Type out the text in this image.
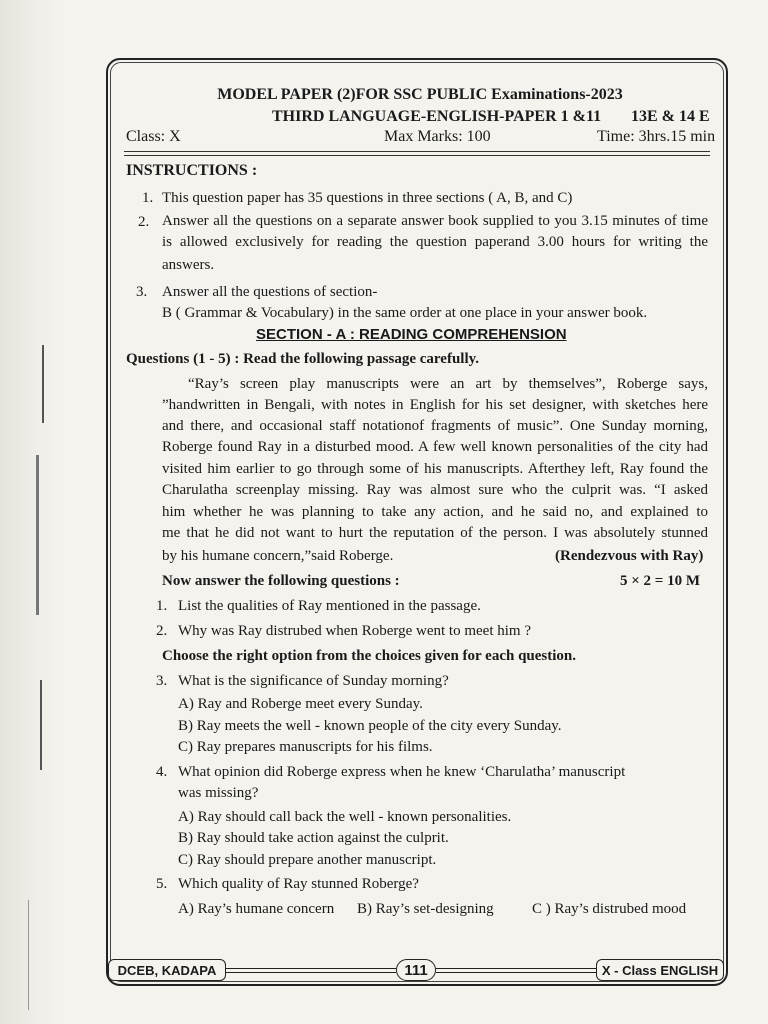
MODEL PAPER (2)FOR SSC PUBLIC Examinations-2023
THIRD LANGUAGE-ENGLISH-PAPER 1 &11 13E & 14 E
Class: X	Max Marks: 100	Time: 3hrs.15 min
INSTRUCTIONS :
1. This question paper has 35 questions in three sections ( A, B, and C)
2. Answer all the questions on a separate answer book supplied to you 3.15 minutes of time
is allowed exclusively for reading the question paperand 3.00 hours for writing the
answers.
3. Answer all the questions of section-
B ( Grammar & Vocabulary) in the same order at one place in your answer book.
SECTION - A : READING COMPREHENSION
Questions (1 - 5) : Read the following passage carefully.
“Ray’s screen play manuscripts were an art by themselves”, Roberge says,
”handwritten in Bengali, with notes in English for his set designer, with sketches here
and there, and occasional staff notationof fragments of music”. One Sunday morning,
Roberge found Ray in a disturbed mood. A few well known personalities of the city had
visited him earlier to go through some of his manuscripts. Afterthey left, Ray found the
Charulatha screenplay missing. Ray was almost sure who the culprit was. “I asked
him whether he was planning to take any action, and he said no, and explained to
me that he did not want to hurt the reputation of the person. I was absolutely stunned
by his humane concern,”said Roberge.	(Rendezvous with Ray)
Now answer the following questions :	5 × 2 = 10 M
1. List the qualities of Ray mentioned in the passage.
2. Why was Ray distrubed when Roberge went to meet him ?
Choose the right option from the choices given for each question.
3. What is the significance of Sunday morning?
A) Ray and Roberge meet every Sunday.
B) Ray meets the well - known people of the city every Sunday.
C) Ray prepares manuscripts for his films.
4. What opinion did Roberge express when he knew ‘Charulatha’ manuscript
was missing?
A) Ray should call back the well - known personalities.
B) Ray should take action against the culprit.
C) Ray should prepare another manuscript.
5. Which quality of Ray stunned Roberge?
A) Ray’s humane concern B) Ray’s set-designing	C ) Ray’s distrubed mood
DCEB, KADAPA	111	X - Class ENGLISH
